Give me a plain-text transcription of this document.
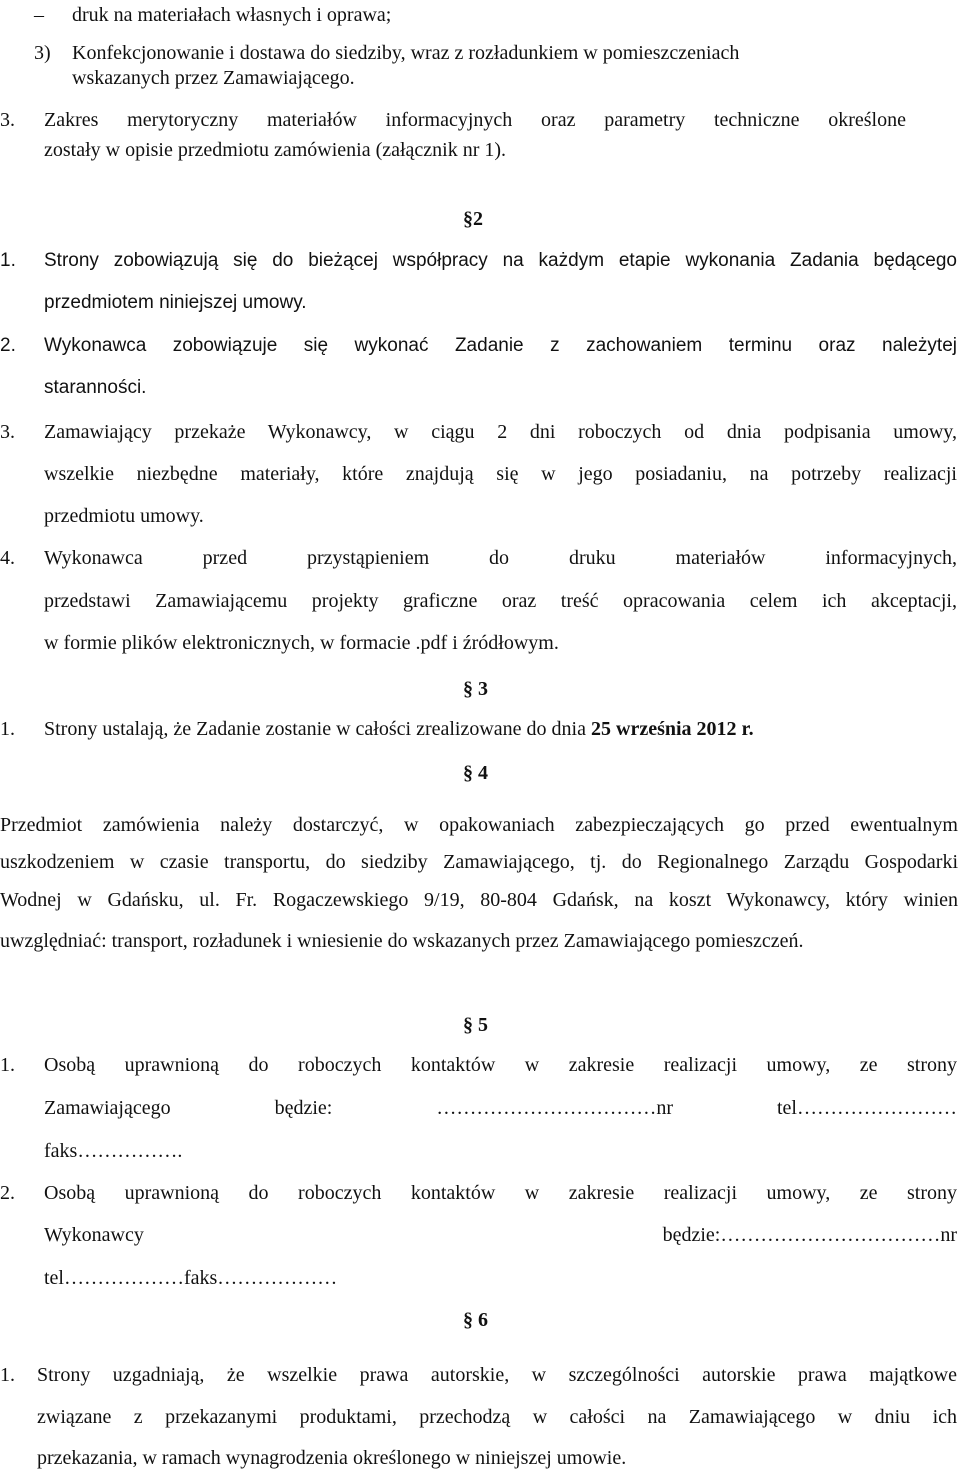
– druk na materiałach własnych i oprawa;
3) Konfekcjonowanie i dostawa do siedziby, wraz z rozładunkiem w pomieszczeniach
wskazanych przez Zamawiającego.
3. Zakres merytoryczny materiałów informacyjnych oraz parametry techniczne określone
zostały w opisie przedmiotu zamówienia (załącznik nr 1).
§2
1. Strony zobowiązują się do bieżącej współpracy na każdym etapie wykonania Zadania będącego
przedmiotem niniejszej umowy.
2. Wykonawca zobowiązuje się wykonać Zadanie z zachowaniem terminu oraz należytej
staranności.
3. Zamawiający przekaże Wykonawcy, w ciągu 2 dni roboczych od dnia podpisania umowy,
wszelkie niezbędne materiały, które znajdują się w jego posiadaniu, na potrzeby realizacji
przedmiotu umowy.
4. Wykonawca przed przystąpieniem do druku materiałów informacyjnych,
przedstawi Zamawiającemu projekty graficzne oraz treść opracowania celem ich akceptacji,
w formie plików elektronicznych, w formacie .pdf i źródłowym.
§ 3
1. Strony ustalają, że Zadanie zostanie w całości zrealizowane do dnia 25 września 2012 r.
§ 4
Przedmiot zamówienia należy dostarczyć, w opakowaniach zabezpieczających go przed ewentualnym
uszkodzeniem w czasie transportu, do siedziby Zamawiającego, tj. do Regionalnego Zarządu Gospodarki
Wodnej w Gdańsku, ul. Fr. Rogaczewskiego 9/19, 80-804 Gdańsk, na koszt Wykonawcy, który winien
uwzględniać: transport, rozładunek i wniesienie do wskazanych przez Zamawiającego pomieszczeń.
§ 5
1. Osobą uprawnioną do roboczych kontaktów w zakresie realizacji umowy, ze strony
Zamawiającego będzie: ……………………………nr tel……………………
faks…………….
2. Osobą uprawnioną do roboczych kontaktów w zakresie realizacji umowy, ze strony
Wykonawcy będzie:……………………………nr
tel………………faks………………
§ 6
1. Strony uzgadniają, że wszelkie prawa autorskie, w szczególności autorskie prawa majątkowe
związane z przekazanymi produktami, przechodzą w całości na Zamawiającego w dniu ich
przekazania, w ramach wynagrodzenia określonego w niniejszej umowie.
